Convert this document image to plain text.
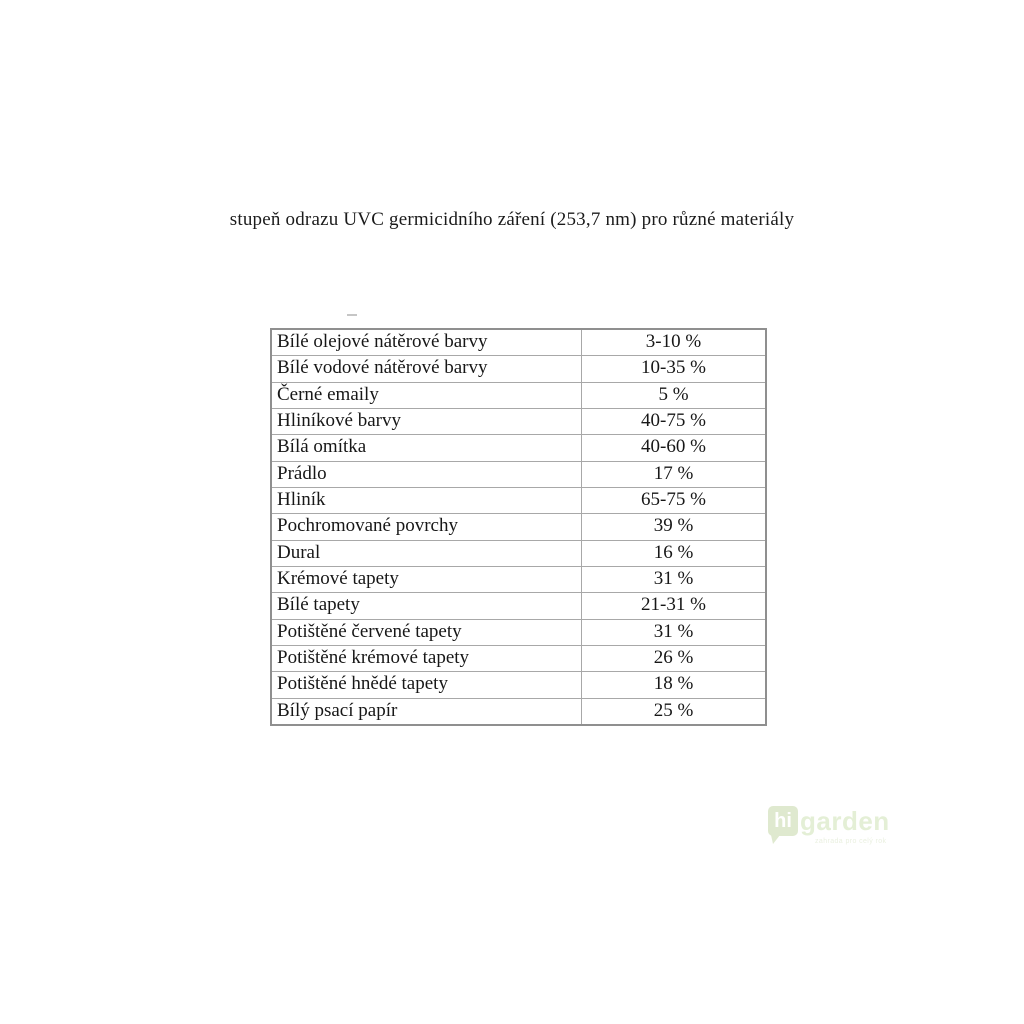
stupeň odrazu UVC germicidního záření (253,7 nm) pro různé materiály
Bílé olejové nátěrové barvy	3-10 %
Bílé vodové nátěrové barvy	10-35 %
Černé emaily	5 %
Hliníkové barvy	40-75 %
Bílá omítka	40-60 %
Prádlo	17 %
Hliník	65-75 %
Pochromované povrchy	39 %
Dural	16 %
Krémové tapety	31 %
Bílé tapety	21-31 %
Potištěné červené tapety	31 %
Potištěné krémové tapety	26 %
Potištěné hnědé tapety	18 %
Bílý psací papír	25 %
hi garden
zahrada pro celý rok
